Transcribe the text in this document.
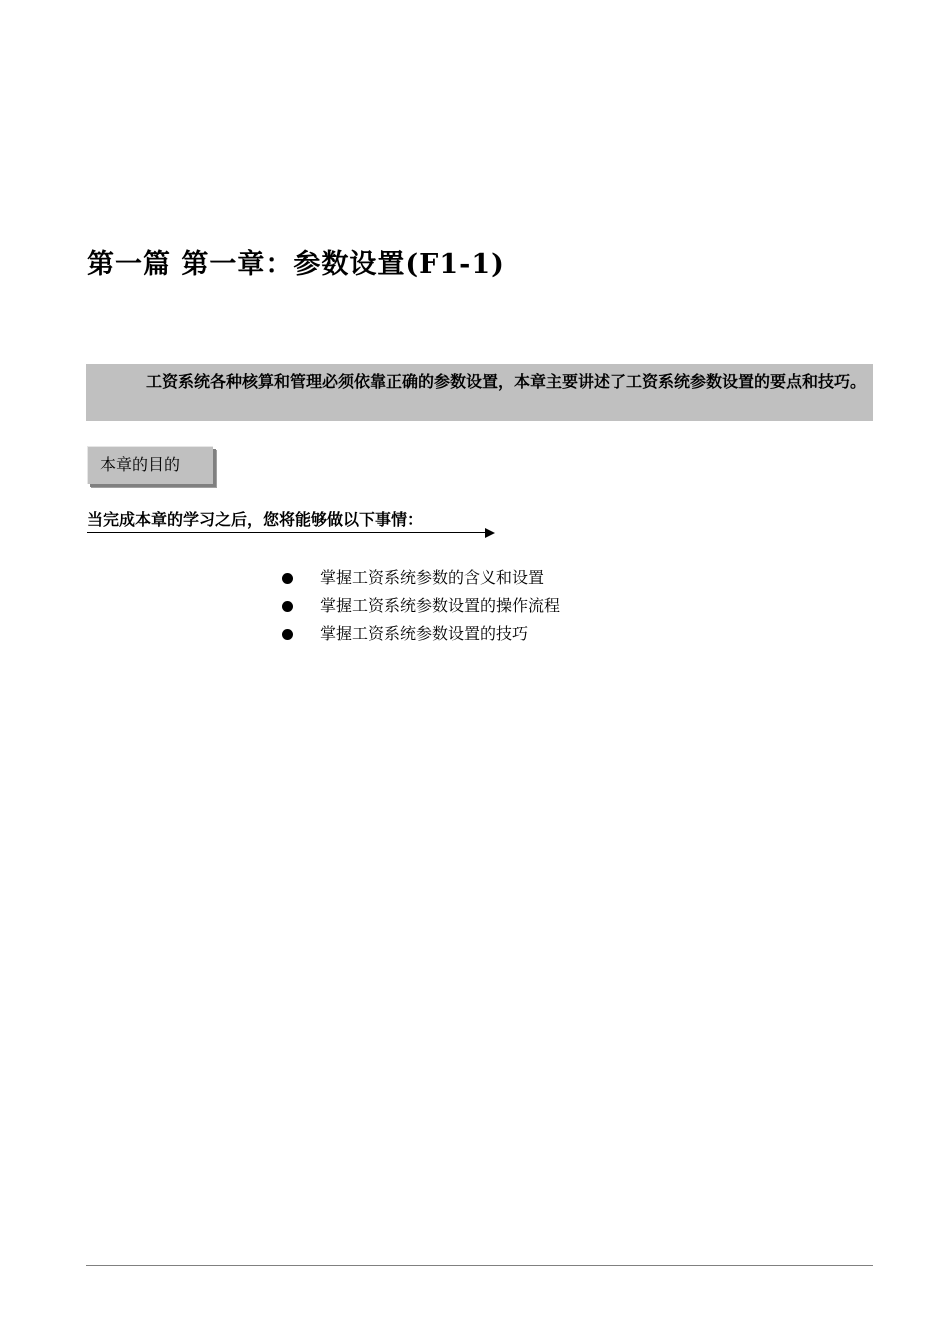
第一篇 第一章：参数设置(F1-1)
工资系统各种核算和管理必须依靠正确的参数设置，本章主要讲述了工资系统参数设置的要点和技巧。
本章的目的
当完成本章的学习之后，您将能够做以下事情：
掌握工资系统参数的含义和设置
掌握工资系统参数设置的操作流程
掌握工资系统参数设置的技巧
